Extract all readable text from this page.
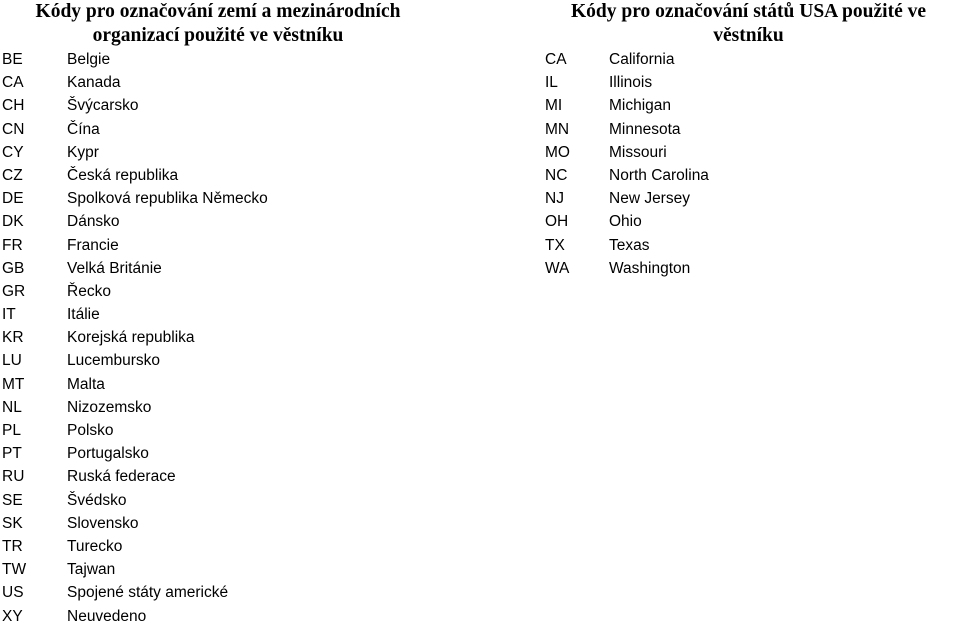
Kódy pro označování zemí a mezinárodních
organizací použité ve věstníku
BE	Belgie
CA	Kanada
CH	Švýcarsko
CN	Čína
CY	Kypr
CZ	Česká republika
DE	Spolková republika Německo
DK	Dánsko
FR	Francie
GB	Velká Británie
GR	Řecko
IT	Itálie
KR	Korejská republika
LU	Lucembursko
MT	Malta
NL	Nizozemsko
PL	Polsko
PT	Portugalsko
RU	Ruská federace
SE	Švédsko
SK	Slovensko
TR	Turecko
TW	Tajwan
US	Spojené státy americké
XY	Neuvedeno
Kódy pro označování států USA použité ve
věstníku
CA	California
IL	Illinois
MI	Michigan
MN	Minnesota
MO	Missouri
NC	North Carolina
NJ	New Jersey
OH	Ohio
TX	Texas
WA	Washington
